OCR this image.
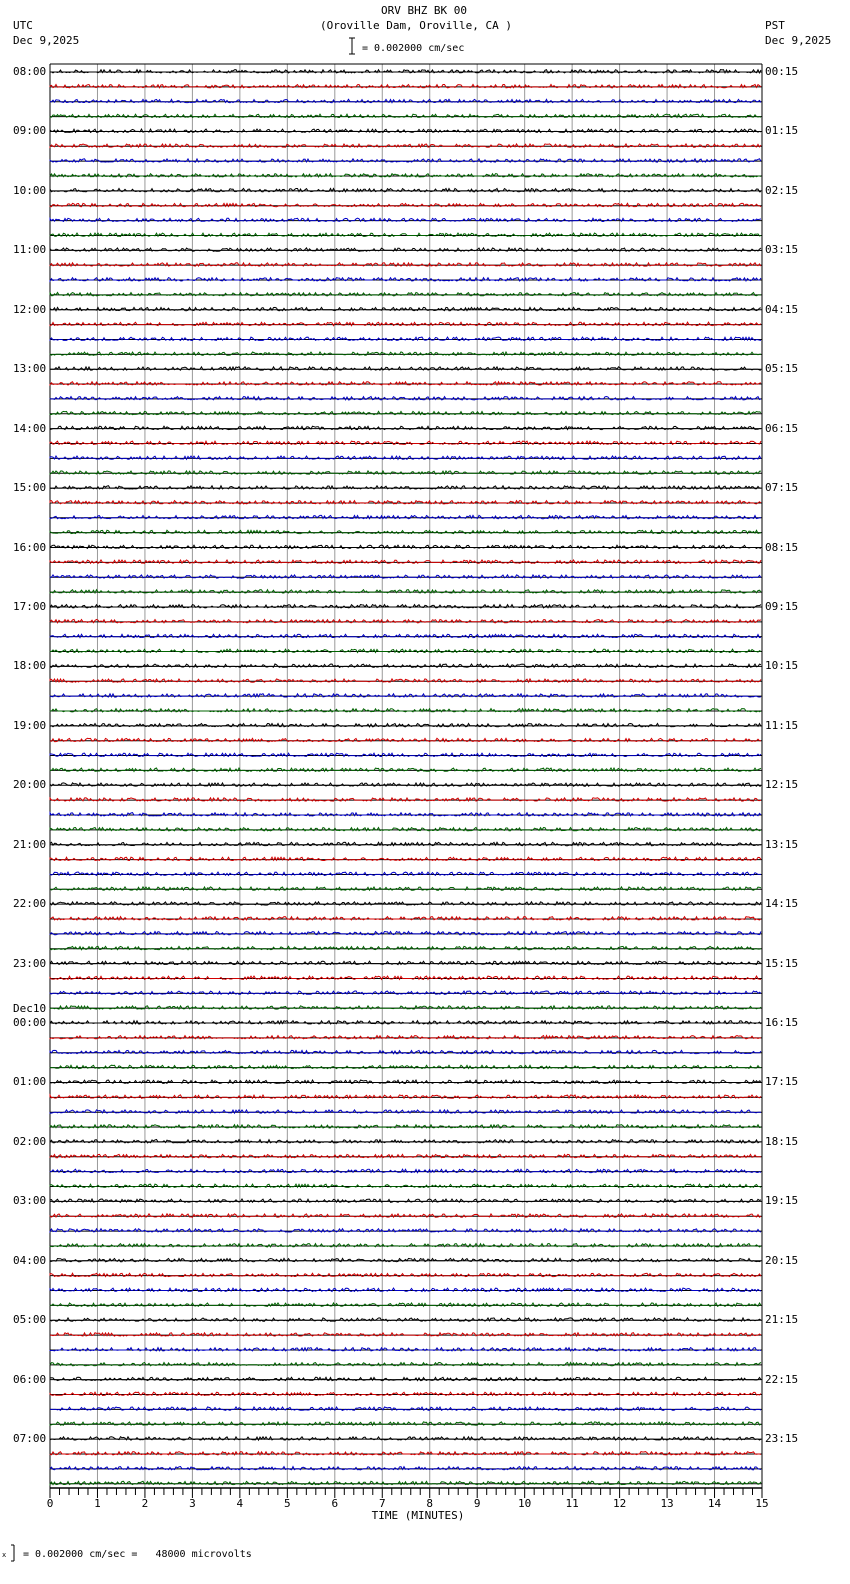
ORV BHZ BK 00
(Oroville Dam, Oroville, CA )
UTC
Dec 9,2025
PST
Dec 9,2025
= 0.002000 cm/sec
x = 0.002000 cm/sec =   48000 microvolts
TIME (MINUTES)
0	1	2	3	4	5	6	7	8	9	10	11	12	13	14	15
08:00
09:00
10:00
11:00
12:00
13:00
14:00
15:00
16:00
17:00
18:00
19:00
20:00
21:00
22:00
23:00
00:00
Dec10
01:00
02:00
03:00
04:00
05:00
06:00
07:00
00:15
01:15
02:15
03:15
04:15
05:15
06:15
07:15
08:15
09:15
10:15
11:15
12:15
13:15
14:15
15:15
16:15
17:15
18:15
19:15
20:15
21:15
22:15
23:15
